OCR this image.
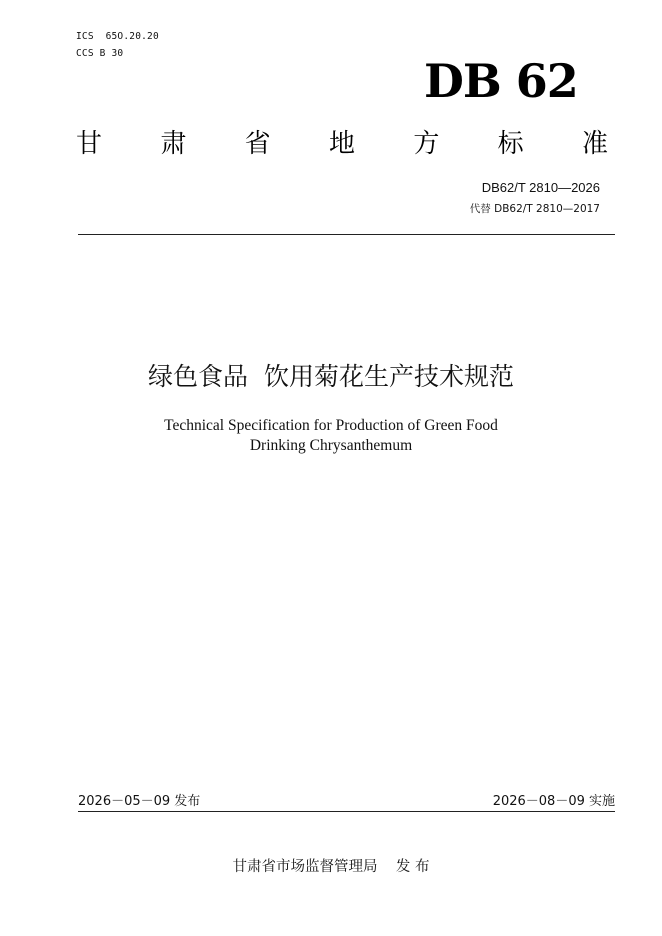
ICS  65O.20.20
CCS B 30
DB 62
甘 肃 省 地 方 标 准
DB62/T 2810—2026
代替 DB62/T 2810—2017
绿色食品  饮用菊花生产技术规范
Technical Specification for Production of Green Food
Drinking Chrysanthemum
2026－05－09 发布	2026－08－09 实施
甘肃省市场监督管理局    发 布
